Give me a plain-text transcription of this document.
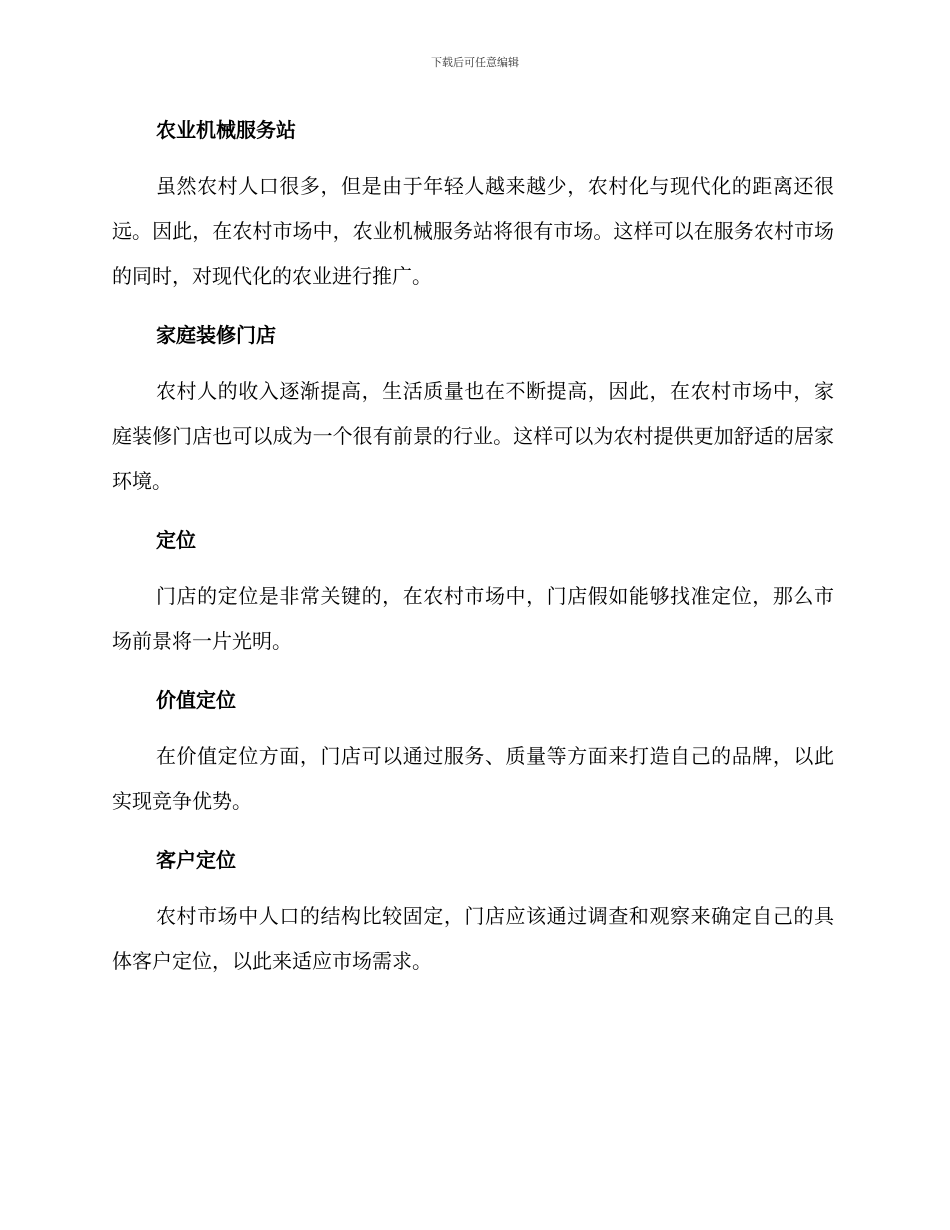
下载后可任意编辑
农业机械服务站

虽然农村人口很多，但是由于年轻人越来越少，农村化与现代化的距离还很远。因此，在农村市场中，农业机械服务站将很有市场。这样可以在服务农村市场的同时，对现代化的农业进行推广。

家庭装修门店

农村人的收入逐渐提高，生活质量也在不断提高，因此，在农村市场中，家庭装修门店也可以成为一个很有前景的行业。这样可以为农村提供更加舒适的居家环境。

定位

门店的定位是非常关键的，在农村市场中，门店假如能够找准定位，那么市场前景将一片光明。

价值定位

在价值定位方面，门店可以通过服务、质量等方面来打造自己的品牌，以此实现竞争优势。

客户定位

农村市场中人口的结构比较固定，门店应该通过调查和观察来确定自己的具体客户定位，以此来适应市场需求。
